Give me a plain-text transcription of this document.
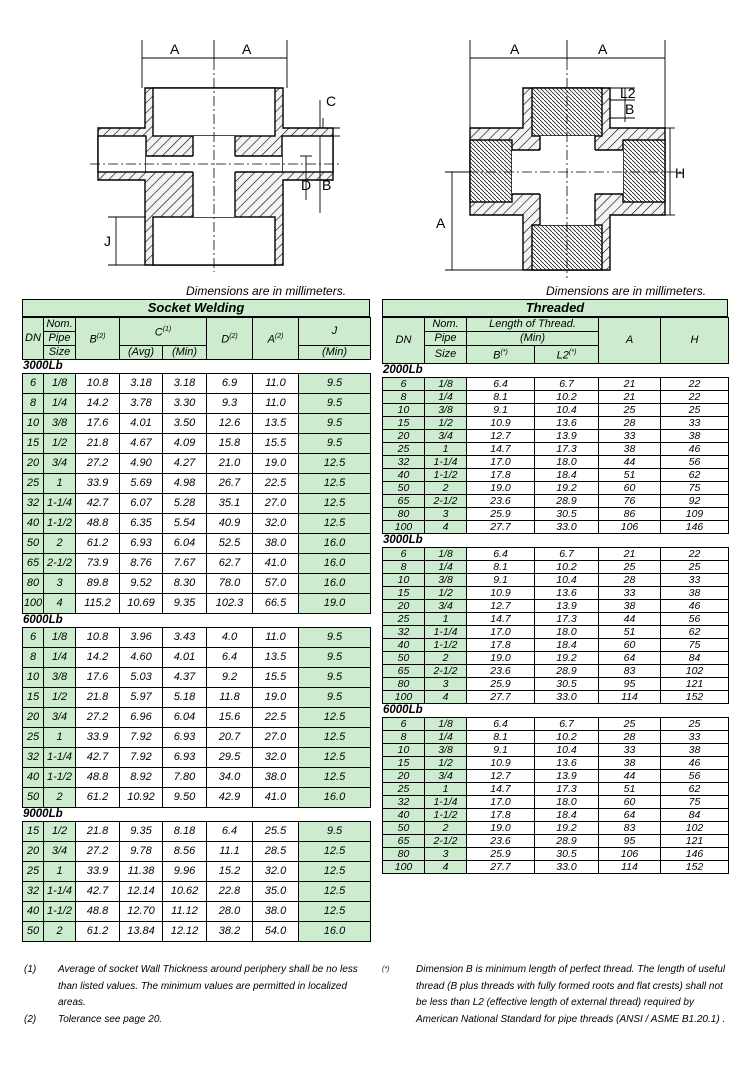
A	A
C
D B
J
A	A
L2
B
H
A
Dimensions are in millimeters.	Dimensions are in millimeters.
Socket Welding
DN	Nom.	$B^{(2)}$	$C^{(1)}$		$D^{(2)}$	$A^{(2)}$	J
	Pipe						
	Size		(Avg)	(Min)			(Min)
3000Lb
6	1/8	10.8	3.18	3.18	6.9	11.0	9.5
8	1/4	14.2	3.78	3.30	9.3	11.0	9.5
10	3/8	17.6	4.01	3.50	12.6	13.5	9.5
15	1/2	21.8	4.67	4.09	15.8	15.5	9.5
20	3/4	27.2	4.90	4.27	21.0	19.0	12.5
25	1	33.9	5.69	4.98	26.7	22.5	12.5
32	1-1/4	42.7	6.07	5.28	35.1	27.0	12.5
40	1-1/2	48.8	6.35	5.54	40.9	32.0	12.5
50	2	61.2	6.93	6.04	52.5	38.0	16.0
65	2-1/2	73.9	8.76	7.67	62.7	41.0	16.0
80	3	89.8	9.52	8.30	78.0	57.0	16.0
100	4	115.2	10.69	9.35	102.3	66.5	19.0
6000Lb
6	1/8	10.8	3.96	3.43	4.0	11.0	9.5
8	1/4	14.2	4.60	4.01	6.4	13.5	9.5
10	3/8	17.6	5.03	4.37	9.2	15.5	9.5
15	1/2	21.8	5.97	5.18	11.8	19.0	9.5
20	3/4	27.2	6.96	6.04	15.6	22.5	12.5
25	1	33.9	7.92	6.93	20.7	27.0	12.5
32	1-1/4	42.7	7.92	6.93	29.5	32.0	12.5
40	1-1/2	48.8	8.92	7.80	34.0	38.0	12.5
50	2	61.2	10.92	9.50	42.9	41.0	16.0
9000Lb
15	1/2	21.8	9.35	8.18	6.4	25.5	9.5
20	3/4	27.2	9.78	8.56	11.1	28.5	12.5
25	1	33.9	11.38	9.96	15.2	32.0	12.5
32	1-1/4	42.7	12.14	10.62	22.8	35.0	12.5
40	1-1/2	48.8	12.70	11.12	28.0	38.0	12.5
50	2	61.2	13.84	12.12	38.2	54.0	16.0
Threaded
DN	Nom.	Length of Thread.		A	H
	Pipe	(Min)			
	Size	B(*)	L2(*)
2000Lb
6	1/8	6.4	6.7	21	22
8	1/4	8.1	10.2	21	22
10	3/8	9.1	10.4	25	25
15	1/2	10.9	13.6	28	33
20	3/4	12.7	13.9	33	38
25	1	14.7	17.3	38	46
32	1-1/4	17.0	18.0	44	56
40	1-1/2	17.8	18.4	51	62
50	2	19.0	19.2	60	75
65	2-1/2	23.6	28.9	76	92
80	3	25.9	30.5	86	109
100	4	27.7	33.0	106	146
3000Lb
6	1/8	6.4	6.7	21	22
8	1/4	8.1	10.2	25	25
10	3/8	9.1	10.4	28	33
15	1/2	10.9	13.6	33	38
20	3/4	12.7	13.9	38	46
25	1	14.7	17.3	44	56
32	1-1/4	17.0	18.0	51	62
40	1-1/2	17.8	18.4	60	75
50	2	19.0	19.2	64	84
65	2-1/2	23.6	28.9	83	102
80	3	25.9	30.5	95	121
100	4	27.7	33.0	114	152
6000Lb
6	1/8	6.4	6.7	25	25
8	1/4	8.1	10.2	28	33
10	3/8	9.1	10.4	33	38
15	1/2	10.9	13.6	38	46
20	3/4	12.7	13.9	44	56
25	1	14.7	17.3	51	62
32	1-1/4	17.0	18.0	60	75
40	1-1/2	17.8	18.4	64	84
50	2	19.0	19.2	83	102
65	2-1/2	23.6	28.9	95	121
80	3	25.9	30.5	106	146
100	4	27.7	33.0	114	152
(1)	Average of socket Wall Thickness around periphery shall be no less than listed values. The minimum values are permitted in localized areas.
(2)	Tolerance see page 20.
(*)	Dimension B is minimum length of perfect thread. The length of useful thread (B plus threads with fully formed roots and flat crests) shall not be less than L2 (effective length of external thread) required by American National Standard for pipe threads (ANSI / ASME B1.20.1) .
